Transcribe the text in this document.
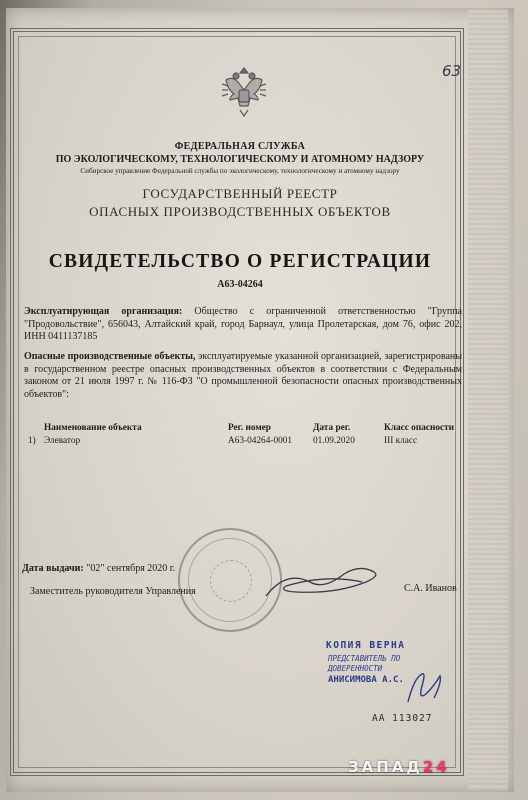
63
ФЕДЕРАЛЬНАЯ СЛУЖБА
ПО ЭКОЛОГИЧЕСКОМУ, ТЕХНОЛОГИЧЕСКОМУ И АТОМНОМУ НАДЗОРУ
Сибирское управление Федеральной службы по экологическому, технологическому и атомному надзору
ГОСУДАРСТВЕННЫЙ РЕЕСТР
ОПАСНЫХ ПРОИЗВОДСТВЕННЫХ ОБЪЕКТОВ
СВИДЕТЕЛЬСТВО О РЕГИСТРАЦИИ
А63-04264
Эксплуатирующая организация: Общество с ограниченной ответственностью "Группа "Продовольствие", 656043, Алтайский край, город Барнаул, улица Пролетарская, дом 76, офис 202, ИНН 0411137185
Опасные производственные объекты, эксплуатируемые указанной организацией, зарегистрированы в государственном реестре опасных производственных объектов в соответствии с Федеральным законом от 21 июля 1997 г. № 116-ФЗ "О промышленной безопасности опасных производственных объектов":
Наименование объекта	Рег. номер	Дата рег.	Класс опасности
1) Элеватор	А63-04264-0001 01.09.2020	III класс
Дата выдачи: "02" сентября 2020 г.
Заместитель руководителя Управления	С.А. Иванов
КОПИЯ ВЕРНА
ПРЕДСТАВИТЕЛЬ ПО
ДОВЕРЕННОСТИ
АНИСИМОВА А.С.
АА 113027
ЗАПАД24
